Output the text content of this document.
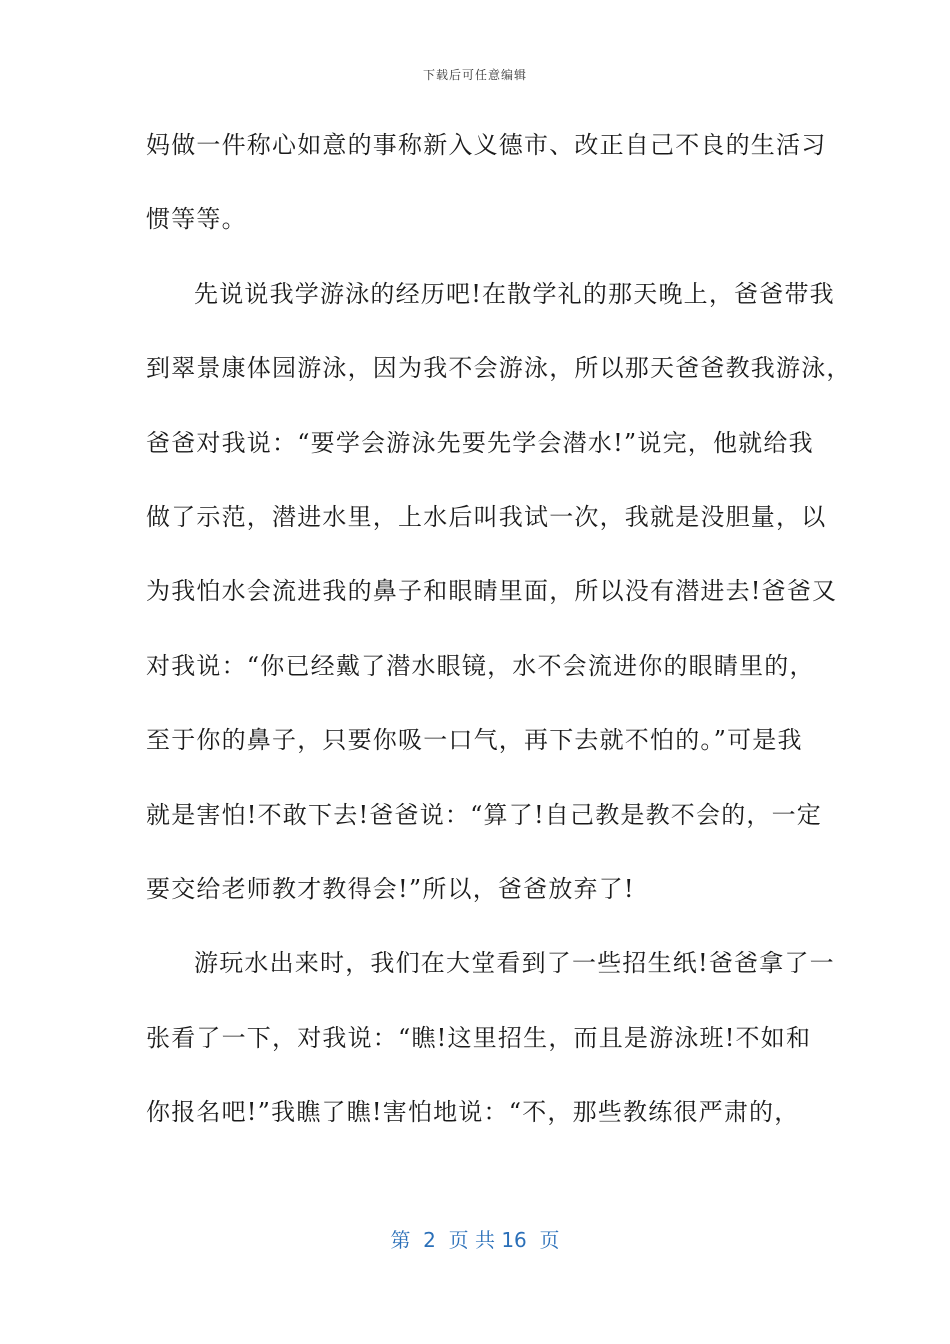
下载后可任意编辑
妈做一件称心如意的事称新入义德市、改正自己不良的生活习
惯等等。
先说说我学游泳的经历吧!在散学礼的那天晚上，爸爸带我
到翠景康体园游泳，因为我不会游泳，所以那天爸爸教我游泳，
爸爸对我说：“要学会游泳先要先学会潜水!”说完，他就给我
做了示范，潜进水里，上水后叫我试一次，我就是没胆量，以
为我怕水会流进我的鼻子和眼睛里面，所以没有潜进去!爸爸又
对我说：“你已经戴了潜水眼镜，水不会流进你的眼睛里的，
至于你的鼻子，只要你吸一口气，再下去就不怕的。”可是我
就是害怕!不敢下去!爸爸说：“算了!自己教是教不会的，一定
要交给老师教才教得会!”所以，爸爸放弃了!
游玩水出来时，我们在大堂看到了一些招生纸!爸爸拿了一
张看了一下，对我说：“瞧!这里招生，而且是游泳班!不如和
你报名吧!”我瞧了瞧!害怕地说：“不，那些教练很严肃的，
第  2  页 共 16  页
